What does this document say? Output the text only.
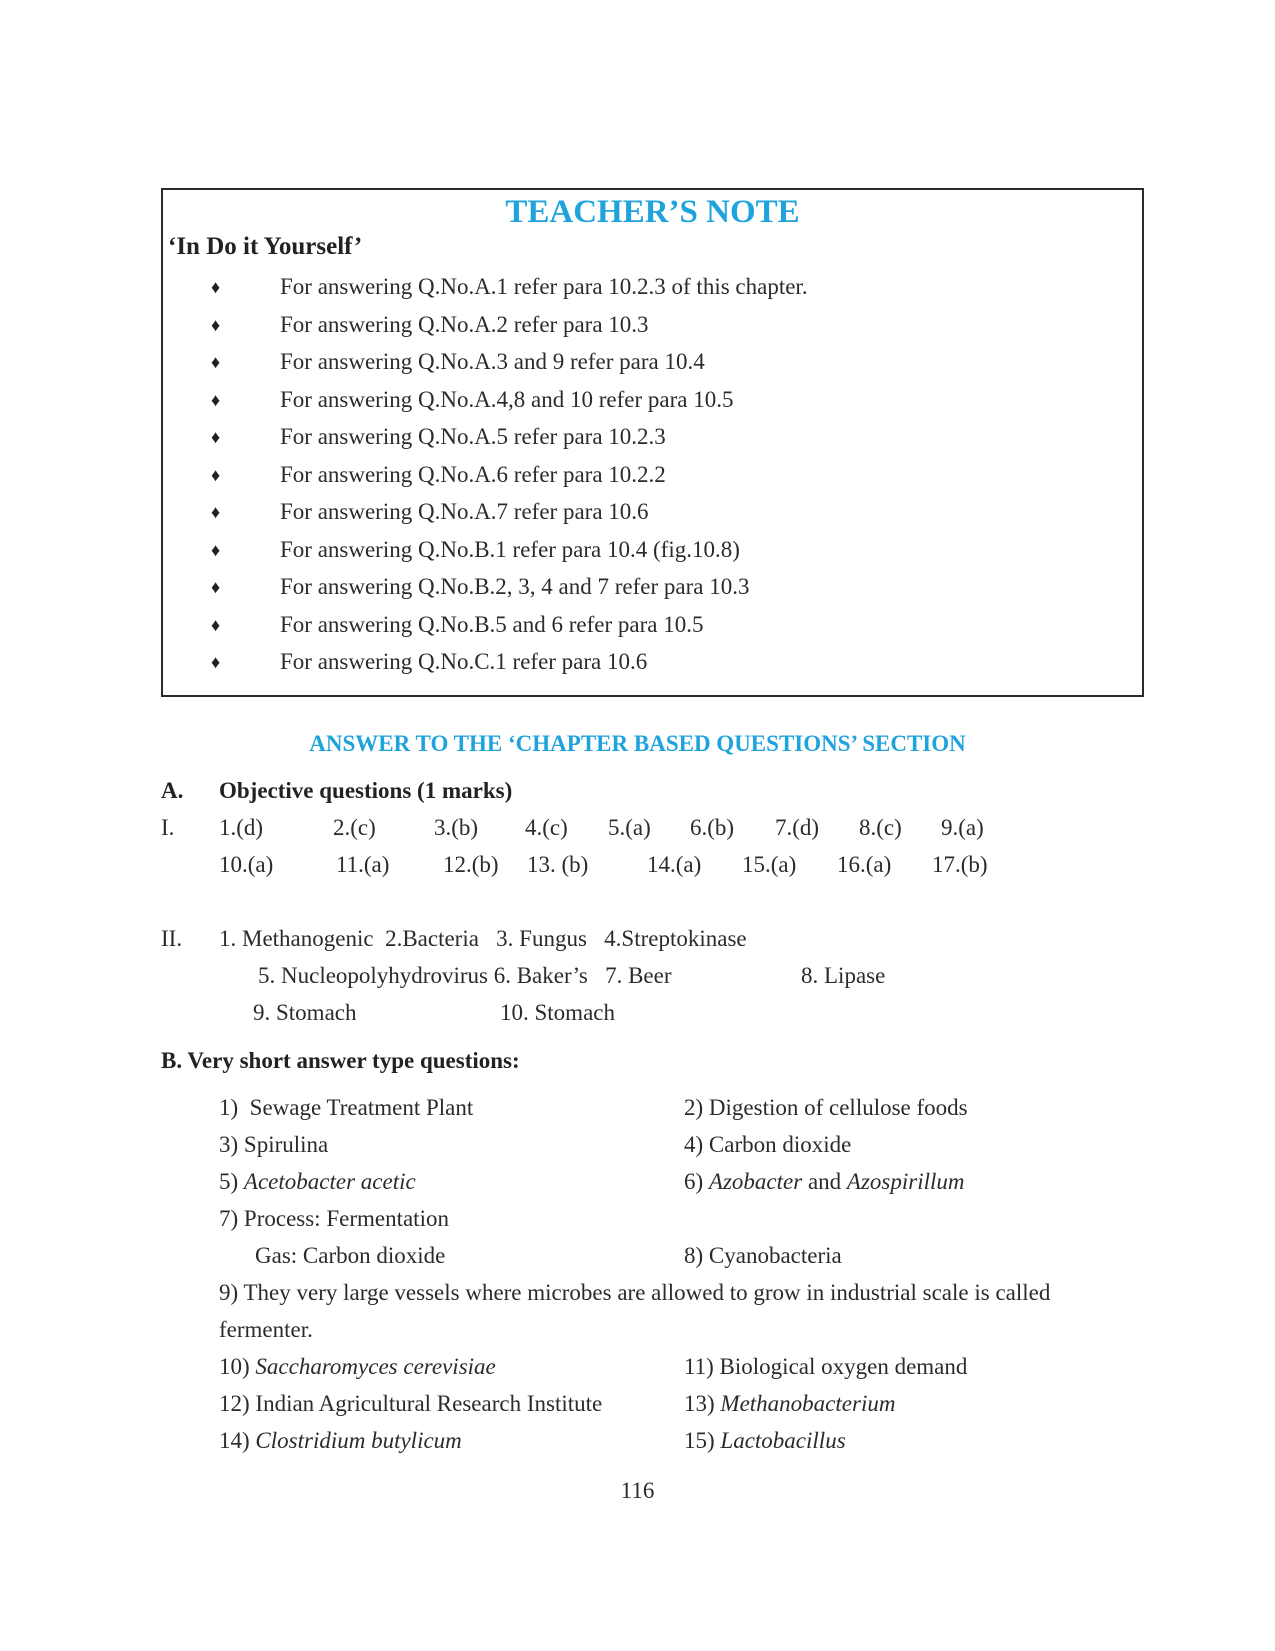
TEACHER’S NOTE
‘In Do it Yourself’
♦	For answering Q.No.A.1 refer para 10.2.3 of this chapter.
♦	For answering Q.No.A.2 refer para 10.3
♦	For answering Q.No.A.3 and 9 refer para 10.4
♦	For answering Q.No.A.4,8 and 10 refer para 10.5
♦	For answering Q.No.A.5 refer para 10.2.3
♦	For answering Q.No.A.6 refer para 10.2.2
♦	For answering Q.No.A.7 refer para 10.6
♦	For answering Q.No.B.1 refer para 10.4 (fig.10.8)
♦	For answering Q.No.B.2, 3, 4 and 7 refer para 10.3
♦	For answering Q.No.B.5 and 6 refer para 10.5
♦	For answering Q.No.C.1 refer para 10.6
ANSWER TO THE ‘CHAPTER BASED QUESTIONS’ SECTION
A. Objective questions (1 marks)
I. 1.(d)	2.(c)	3.(b) 4.(c) 5.(a) 6.(b) 7.(d) 8.(c) 9.(a)
10.(a)	11.(a) 12.(b) 13. (b)	14.(a) 15.(a) 16.(a) 17.(b)
II. 1. Methanogenic  2.Bacteria   3. Fungus   4.Streptokinase
5. Nucleopolyhydrovirus 6. Baker’s   7. Beer	8. Lipase
9. Stomach	10. Stomach
B. Very short answer type questions:
1)  Sewage Treatment Plant	2) Digestion of cellulose foods
3) Spirulina	4) Carbon dioxide
5) Acetobacter acetic	6) Azobacter and Azospirillum
7) Process: Fermentation
Gas: Carbon dioxide	8) Cyanobacteria
9) They very large vessels where microbes are allowed to grow in industrial scale is called
fermenter.
10) Saccharomyces cerevisiae	11) Biological oxygen demand
12) Indian Agricultural Research Institute	13) Methanobacterium
14) Clostridium butylicum	15) Lactobacillus
116
